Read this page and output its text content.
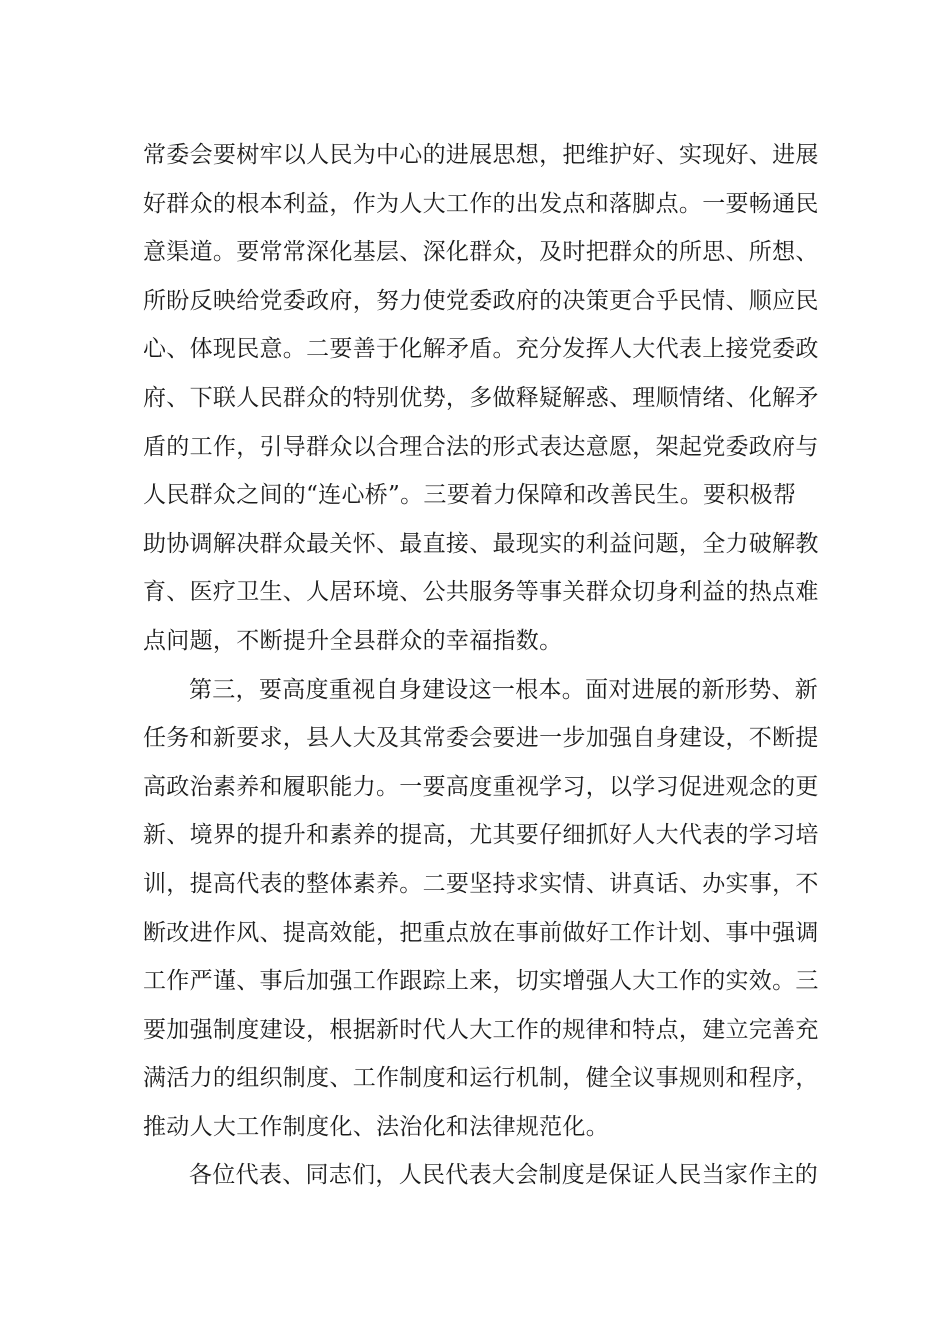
常委会要树牢以人民为中心的进展思想，把维护好、实现好、进展
好群众的根本利益，作为人大工作的出发点和落脚点。一要畅通民
意渠道。要常常深化基层、深化群众，及时把群众的所思、所想、
所盼反映给党委政府，努力使党委政府的决策更合乎民情、顺应民
心、体现民意。二要善于化解矛盾。充分发挥人大代表上接党委政
府、下联人民群众的特别优势，多做释疑解惑、理顺情绪、化解矛
盾的工作，引导群众以合理合法的形式表达意愿，架起党委政府与
人民群众之间的“连心桥”。三要着力保障和改善民生。要积极帮
助协调解决群众最关怀、最直接、最现实的利益问题，全力破解教
育、医疗卫生、人居环境、公共服务等事关群众切身利益的热点难
点问题，不断提升全县群众的幸福指数。
第三，要高度重视自身建设这一根本。面对进展的新形势、新
任务和新要求，县人大及其常委会要进一步加强自身建设，不断提
高政治素养和履职能力。一要高度重视学习，以学习促进观念的更
新、境界的提升和素养的提高，尤其要仔细抓好人大代表的学习培
训，提高代表的整体素养。二要坚持求实情、讲真话、办实事，不
断改进作风、提高效能，把重点放在事前做好工作计划、事中强调
工作严谨、事后加强工作跟踪上来，切实增强人大工作的实效。三
要加强制度建设，根据新时代人大工作的规律和特点，建立完善充
满活力的组织制度、工作制度和运行机制，健全议事规则和程序，
推动人大工作制度化、法治化和法律规范化。
各位代表、同志们，人民代表大会制度是保证人民当家作主的
